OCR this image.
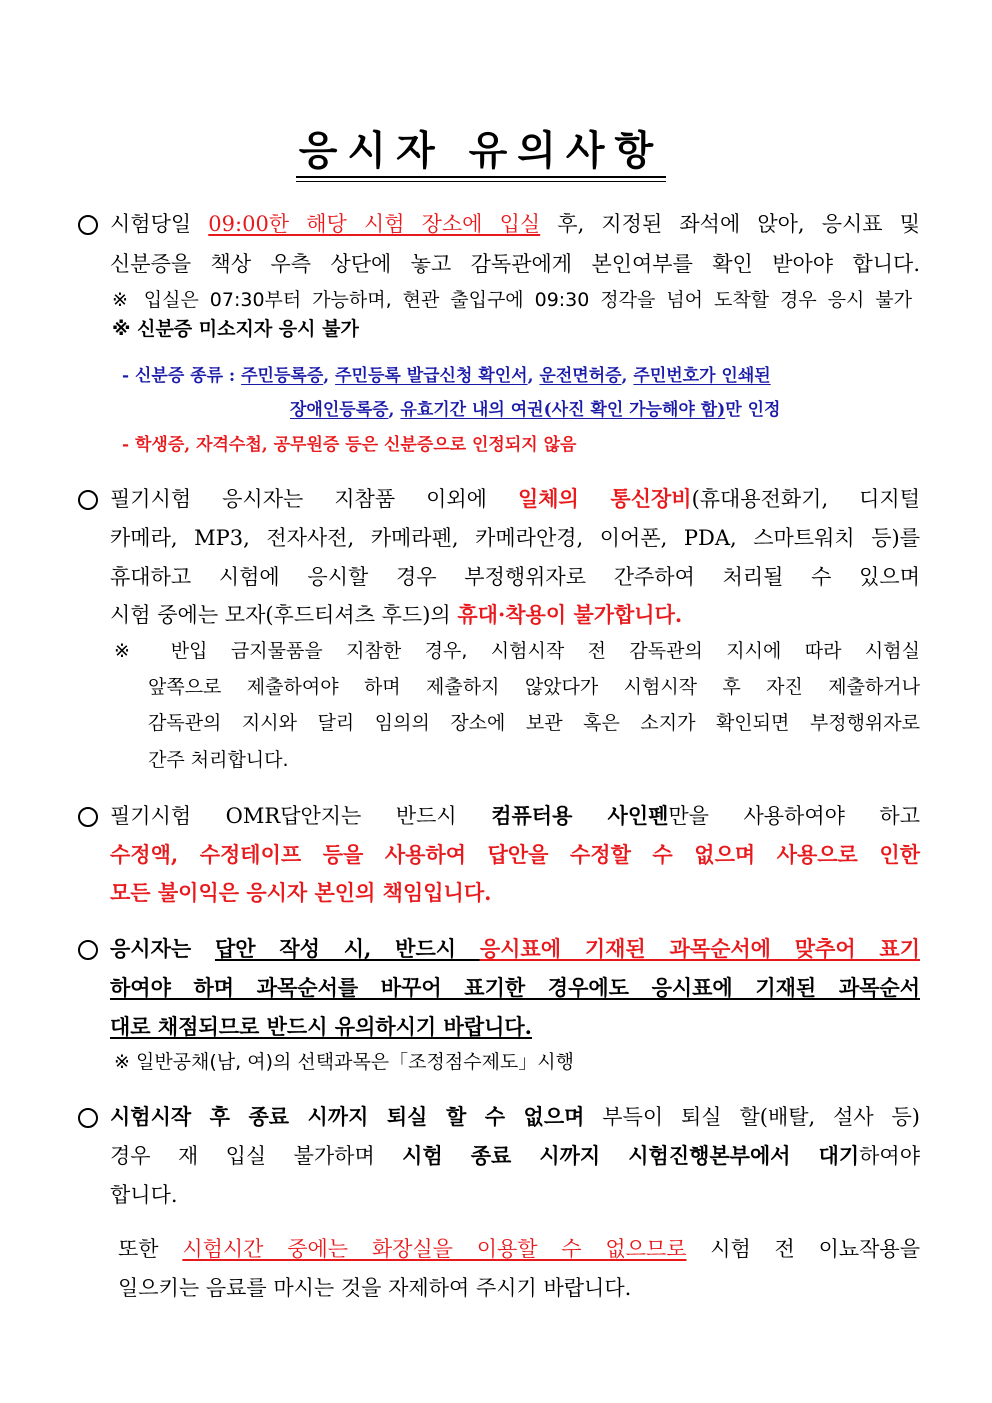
응시자 유의사항
시험당일 09:00한 해당 시험 장소에 입실 후, 지정된 좌석에 앉아, 응시표 및
신분증을 책상 우측 상단에 놓고 감독관에게 본인여부를 확인 받아야 합니다.
※ 입실은 07:30부터 가능하며, 현관 출입구에 09:30 정각을 넘어 도착할 경우 응시 불가
※ 신분증 미소지자 응시 불가
- 신분증 종류 : 주민등록증, 주민등록 발급신청 확인서, 운전면허증, 주민번호가 인쇄된
장애인등록증, 유효기간 내의 여권(사진 확인 가능해야 함)만 인정
- 학생증, 자격수첩, 공무원증 등은 신분증으로 인정되지 않음
필기시험 응시자는 지참품 이외에 일체의 통신장비(휴대용전화기, 디지털
카메라, MP3, 전자사전, 카메라펜, 카메라안경, 이어폰, PDA, 스마트워치 등)를
휴대하고 시험에 응시할 경우 부정행위자로 간주하여 처리될 수 있으며
시험 중에는 모자(후드티셔츠 후드)의 휴대·착용이 불가합니다.
※ 반입 금지물품을 지참한 경우, 시험시작 전 감독관의 지시에 따라 시험실
앞쪽으로 제출하여야 하며 제출하지 않았다가 시험시작 후 자진 제출하거나
감독관의 지시와 달리 임의의 장소에 보관 혹은 소지가 확인되면 부정행위자로
간주 처리합니다.
필기시험 OMR답안지는 반드시 컴퓨터용 사인펜만을 사용하여야 하고
수정액, 수정테이프 등을 사용하여 답안을 수정할 수 없으며 사용으로 인한
모든 불이익은 응시자 본인의 책임입니다.
응시자는 답안 작성 시, 반드시 응시표에 기재된 과목순서에 맞추어 표기
하여야 하며 과목순서를 바꾸어 표기한 경우에도 응시표에 기재된 과목순서
대로 채점되므로 반드시 유의하시기 바랍니다.
※ 일반공채(남, 여)의 선택과목은「조정점수제도」시행
시험시작 후 종료 시까지 퇴실 할 수 없으며 부득이 퇴실 할(배탈, 설사 등)
경우 재 입실 불가하며 시험 종료 시까지 시험진행본부에서 대기하여야
합니다.
또한 시험시간 중에는 화장실을 이용할 수 없으므로 시험 전 이뇨작용을
일으키는 음료를 마시는 것을 자제하여 주시기 바랍니다.
